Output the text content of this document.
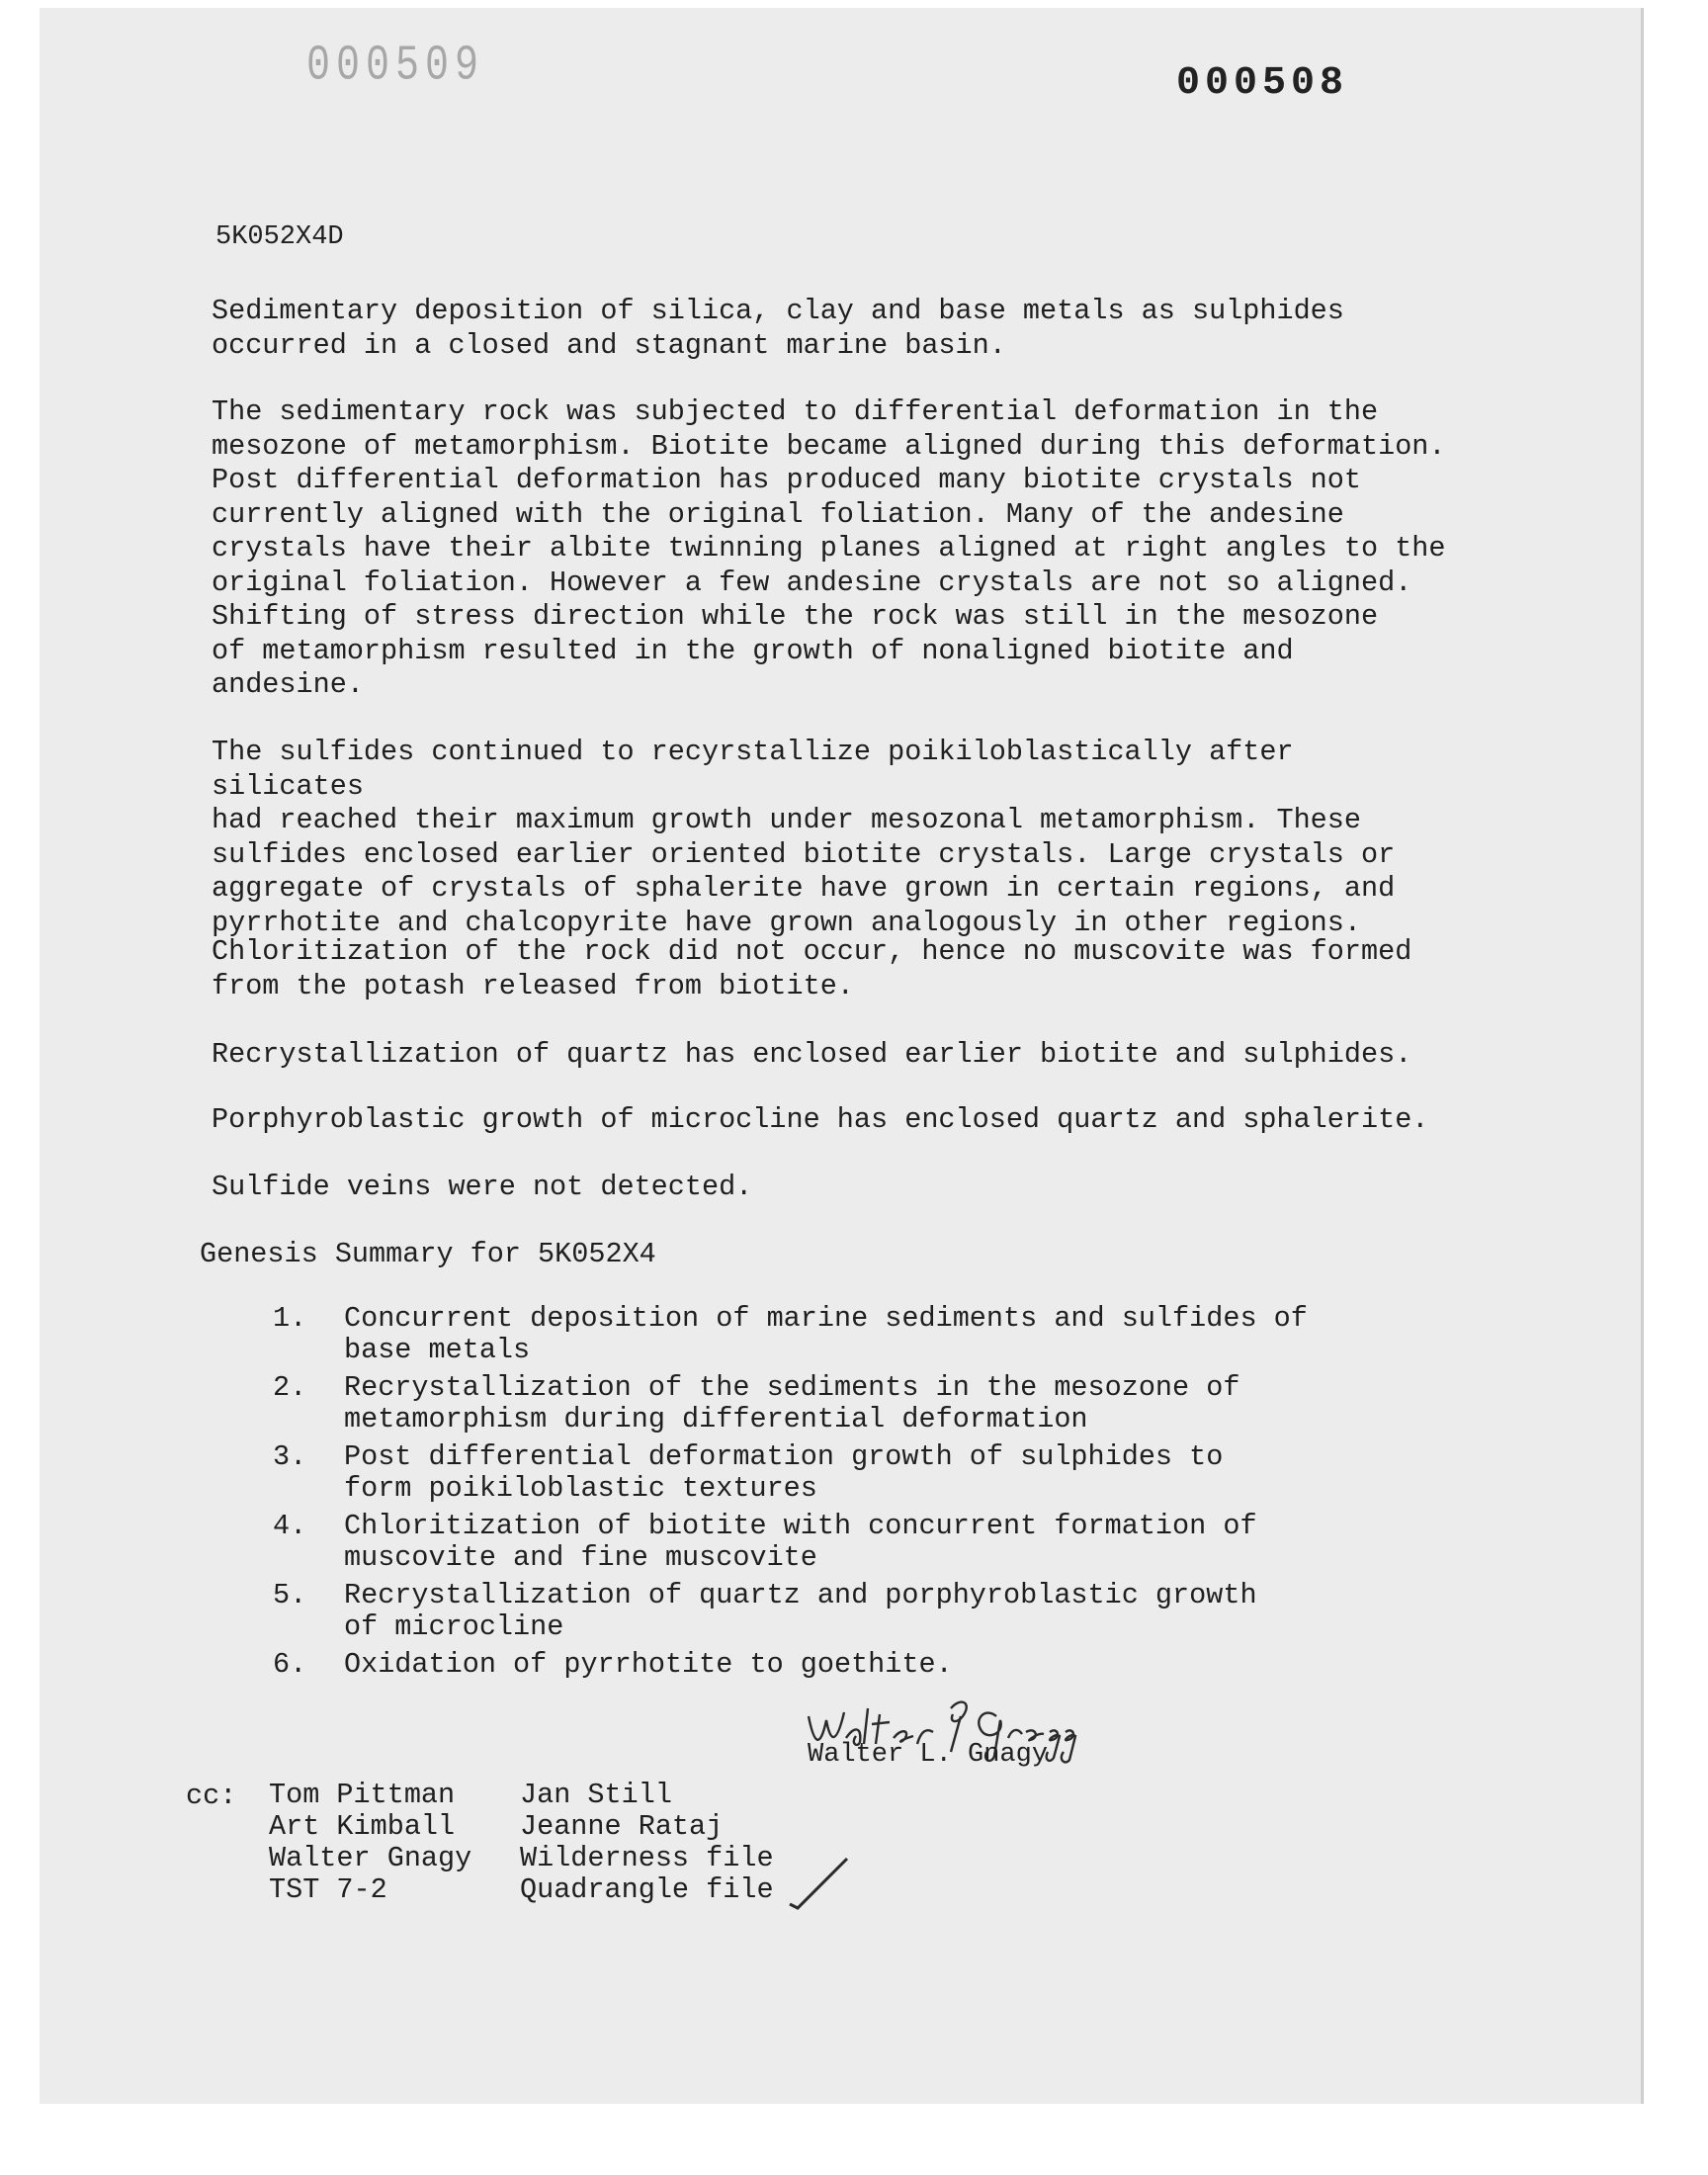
000509	000508
5K052X4D

Sedimentary deposition of silica, clay and base metals as sulphides
occurred in a closed and stagnant marine basin.

The sedimentary rock was subjected to differential deformation in the
mesozone of metamorphism. Biotite became aligned during this deformation.
Post differential deformation has produced many biotite crystals not
currently aligned with the original foliation. Many of the andesine
crystals have their albite twinning planes aligned at right angles to the
original foliation. However a few andesine crystals are not so aligned.
Shifting of stress direction while the rock was still in the mesozone
of metamorphism resulted in the growth of nonaligned biotite and
andesine.

The sulfides continued to recyrstallize poikiloblastically after silicates
had reached their maximum growth under mesozonal metamorphism. These
sulfides enclosed earlier oriented biotite crystals. Large crystals or
aggregate of crystals of sphalerite have grown in certain regions, and
pyrrhotite and chalcopyrite have grown analogously in other regions.

Chloritization of the rock did not occur, hence no muscovite was formed
from the potash released from biotite.

Recrystallization of quartz has enclosed earlier biotite and sulphides.

Porphyroblastic growth of microcline has enclosed quartz and sphalerite.

Sulfide veins were not detected.

Genesis Summary for 5K052X4
1. Concurrent deposition of marine sediments and sulfides of
base metals
2. Recrystallization of the sediments in the mesozone of
metamorphism during differential deformation
3. Post differential deformation growth of sulphides to
form poikiloblastic textures
4. Chloritization of biotite with concurrent formation of
muscovite and fine muscovite
5. Recrystallization of quartz and porphyroblastic growth
of microcline
6. Oxidation of pyrrhotite to goethite.
Walter L. Gnagy
cc: Tom Pittman
Art Kimball
Walter Gnagy
TST 7-2
Jan Still
Jeanne Rataj
Wilderness file
Quadrangle file
